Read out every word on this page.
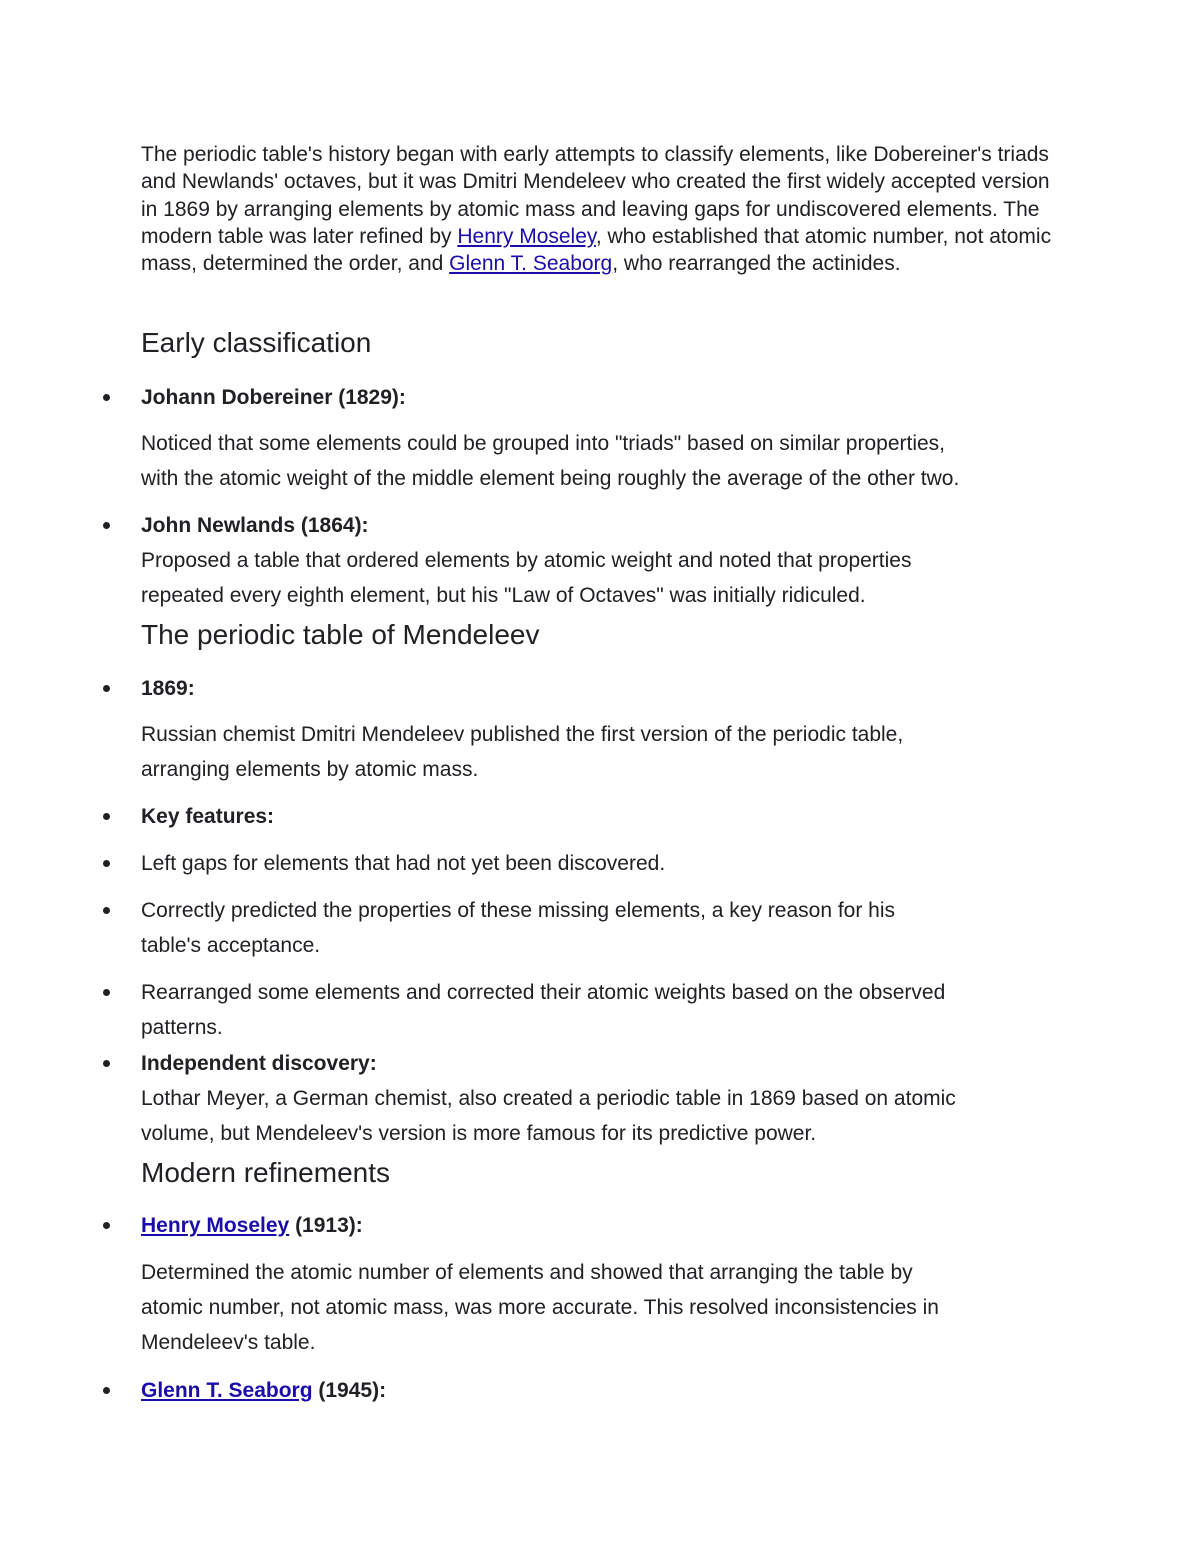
The periodic table's history began with early attempts to classify elements, like Dobereiner's triads and Newlands' octaves, but it was Dmitri Mendeleev who created the first widely accepted version in 1869 by arranging elements by atomic mass and leaving gaps for undiscovered elements. The modern table was later refined by Henry Moseley, who established that atomic number, not atomic mass, determined the order, and Glenn T. Seaborg, who rearranged the actinides.

Early classification

Johann Dobereiner (1829):

Noticed that some elements could be grouped into "triads" based on similar properties,

with the atomic weight of the middle element being roughly the average of the other two.

John Newlands (1864):

Proposed a table that ordered elements by atomic weight and noted that properties

repeated every eighth element, but his "Law of Octaves" was initially ridiculed.

The periodic table of Mendeleev

1869:

Russian chemist Dmitri Mendeleev published the first version of the periodic table,

arranging elements by atomic mass.

Key features:

Left gaps for elements that had not yet been discovered.

Correctly predicted the properties of these missing elements, a key reason for his

table's acceptance.

Rearranged some elements and corrected their atomic weights based on the observed

patterns.

Independent discovery:

Lothar Meyer, a German chemist, also created a periodic table in 1869 based on atomic

volume, but Mendeleev's version is more famous for its predictive power.

Modern refinements

Henry Moseley (1913):

Determined the atomic number of elements and showed that arranging the table by

atomic number, not atomic mass, was more accurate. This resolved inconsistencies in

Mendeleev's table.

Glenn T. Seaborg (1945):
